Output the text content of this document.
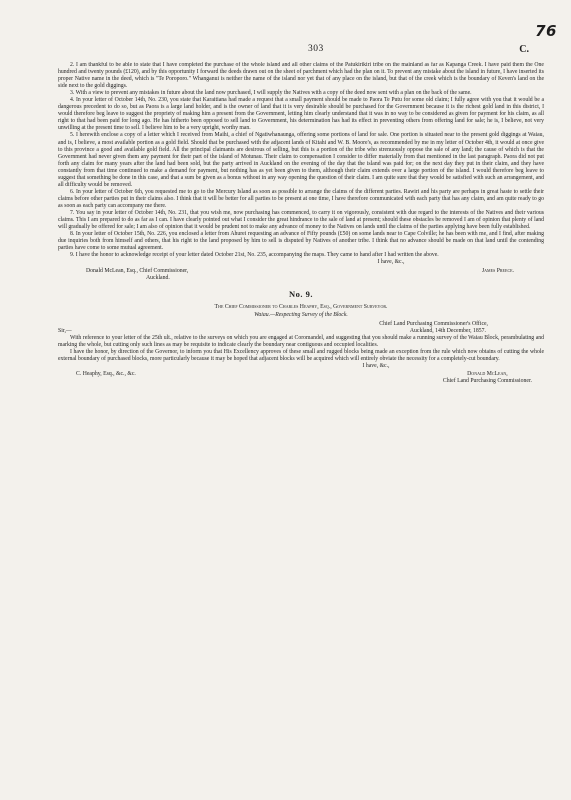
76
303	C.

2. I am thankful to be able to state that I have completed the purchase of the whole island and all other claims of the Patukirikiri tribe on the mainland as far as Kapanga Creek. I have paid them the One hundred and twenty pounds (£120), and by this opportunity I forward the deeds drawn out on the sheet of parchment which had the plan on it. To prevent any mistake about the island in future, I have inserted its proper Native name in the deed, which is "Te Poroporo." Whanganui is neither the name of the island nor yet that of any place on the island, but that of the creek which is the boundary of Keven's land on the side next to the gold diggings.

3. With a view to prevent any mistakes in future about the land now purchased, I will supply the Natives with a copy of the deed now sent with a plan on the back of the same.

4. In your letter of October 14th, No. 230, you state that Karaitiana had made a request that a small payment should be made to Paora Te Putu for some old claim; I fully agree with you that it would be a dangerous precedent to do so, but as Paora is a large land holder, and is the owner of land that it is very desirable should be purchased for the Government because it is the richest gold land in this district, I would therefore beg leave to suggest the propriety of making him a present from the Government, letting him clearly understand that it was in no way to be considered as given for payment for his claim, as all right to that had been paid for long ago. He has hitherto been opposed to sell land to Government, his determination has had its effect in preventing others from offering land for sale; he is, I believe, not very unwilling at the present time to sell. I believe him to be a very upright, worthy man.

5. I herewith enclose a copy of a letter which I received from Maihi, a chief of Ngatiwhanaunga, offering some portions of land for sale. One portion is situated near to the present gold diggings at Waiau, and is, I believe, a most available portion as a gold field. Should that be purchased with the adjacent lands of Kitahi and W. B. Moore's, as recommended by me in my letter of October 4th, it would at once give to this province a good and available gold field. All the principal claimants are desirous of selling, but this is a portion of the tribe who strenuously oppose the sale of any land; the cause of which is that the Government had never given them any payment for their part of the island of Motunau. Their claim to compensation I consider to differ materially from that mentioned in the last paragraph. Paora did not put forth any claim for many years after the land had been sold, but the party arrived in Auckland on the evening of the day that the island was paid for; on the next day they put in their claim, and they have constantly from that time continued to make a demand for payment, but nothing has as yet been given to them, although their claim extends over a large portion of the island. I would therefore beg leave to suggest that something be done in this case, and that a sum be given as a bonus without in any way opening the question of their claim. I am quite sure that they would be satisfied with such an arrangement, and all difficulty would be removed.

6. In your letter of October 6th, you requested me to go to the Mercury Island as soon as possible to arrange the claims of the different parties. Rawiri and his party are perhaps in great haste to settle their claims before other parties put in their claims also. I think that it will be better for all parties to be present at one time, I have therefore communicated with each party that has any claim, and am quite ready to go as soon as each party can accompany me there.

7. You say in your letter of October 14th, No. 231, that you wish me, now purchasing has commenced, to carry it on vigorously, consistent with due regard to the interests of the Natives and their various claims. This I am prepared to do as far as I can. I have clearly pointed out what I consider the great hindrance to the sale of land at present; should these obstacles be removed I am of opinion that plenty of land will gradually be offered for sale; I am also of opinion that it would be prudent not to make any advance of money to the Natives on lands until the claims of the parties applying have been fully established.

8. In your letter of October 15th, No. 226, you enclosed a letter from Ahurei requesting an advance of Fifty pounds (£50) on some lands near to Cape Colville; he has been with me, and I find, after making due inquiries both from himself and others, that his right to the land proposed by him to sell is disputed by Natives of another tribe. I think that no advance should be made on that land until the contending parties have come to some mutual agreement.

9. I have the honor to acknowledge receipt of your letter dated October 21st, No. 235, accompanying the maps. They came to hand after I had written the above.

I have, &c.,
Donald McLean, Esq., Chief Commissioner,
Auckland.
James Preece.
No. 9.
The Chief Commissioner to Charles Heaphy, Esq., Government Surveyor.
Waiau.—Respecting Survey of the Block.
Chief Land Purchasing Commissioner's Office,
Sir,—	Auckland, 14th December, 1857.

With reference to your letter of the 25th ult., relative to the surveys on which you are engaged at Coromandel, and suggesting that you should make a running survey of the Waiau Block, perambulating and marking the whole, but cutting only such lines as may be requisite to indicate clearly the boundary near contiguous and occupied localities.

I have the honor, by direction of the Governor, to inform you that His Excellency approves of these small and rugged blocks being made an exception from the rule which now obtains of cutting the whole external boundary of purchased blocks, more particularly because it may be hoped that adjacent blocks will be acquired which will entirely obviate the necessity for a completely-cut boundary.

I have, &c.,
C. Heaphy, Esq., &c., &c.	Donald McLean,
Chief Land Purchasing Commissioner.
